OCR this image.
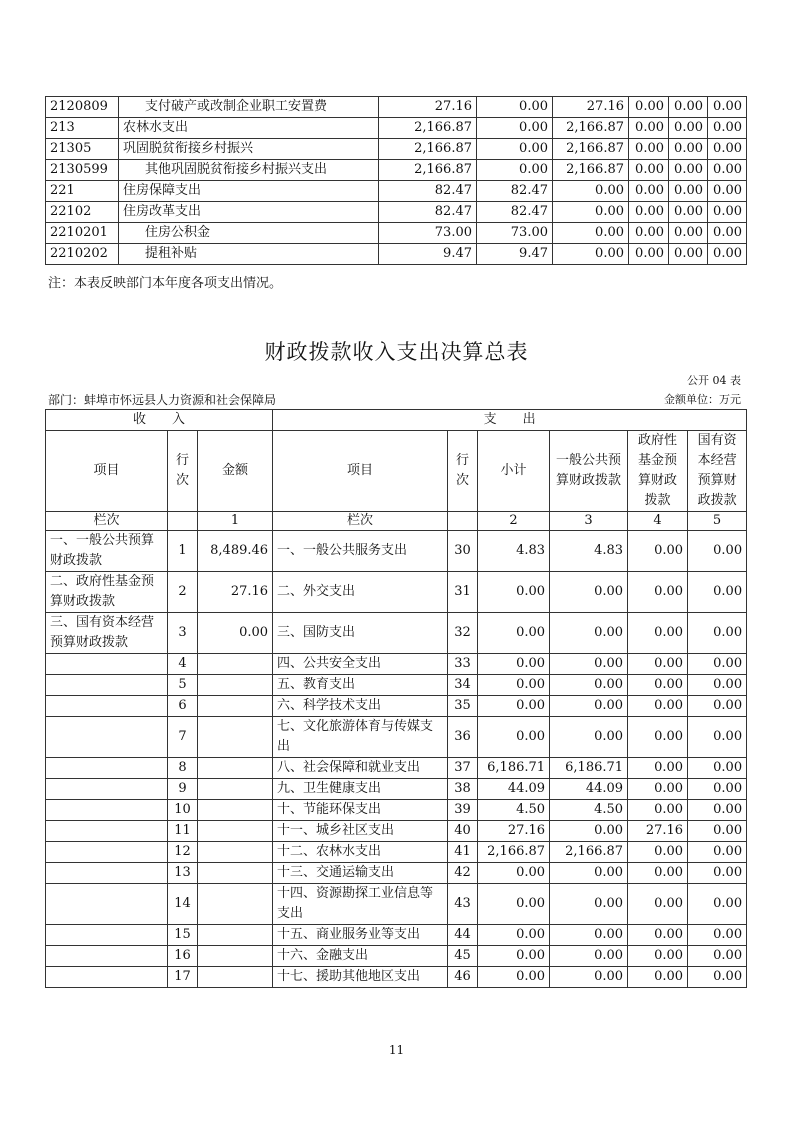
2120809	支付破产或改制企业职工安置费	27.16	0.00	27.16	0.00	0.00	0.00
213	农林水支出	2,166.87	0.00	2,166.87	0.00	0.00	0.00
21305	巩固脱贫衔接乡村振兴	2,166.87	0.00	2,166.87	0.00	0.00	0.00
2130599	其他巩固脱贫衔接乡村振兴支出	2,166.87	0.00	2,166.87	0.00	0.00	0.00
221	住房保障支出	82.47	82.47	0.00	0.00	0.00	0.00
22102	住房改革支出	82.47	82.47	0.00	0.00	0.00	0.00
2210201	住房公积金	73.00	73.00	0.00	0.00	0.00	0.00
2210202	提租补贴	9.47	9.47	0.00	0.00	0.00	0.00
注：本表反映部门本年度各项支出情况。
财政拨款收入支出决算总表
公开 04 表
部门：蚌埠市怀远县人力资源和社会保障局	金额单位：万元
收　　入			支　　出					
项目	行次	金额	项目	行次	小计	一般公共预算财政拨款	政府性基金预算财政拨款	国有资本经营预算财政拨款
栏次		1	栏次		2	3	4	5
一、一般公共预算财政拨款	1	8,489.46	一、一般公共服务支出	30	4.83	4.83	0.00	0.00
二、政府性基金预算财政拨款	2	27.16	二、外交支出	31	0.00	0.00	0.00	0.00
三、国有资本经营预算财政拨款	3	0.00	三、国防支出	32	0.00	0.00	0.00	0.00
	4		四、公共安全支出	33	0.00	0.00	0.00	0.00
	5		五、教育支出	34	0.00	0.00	0.00	0.00
	6		六、科学技术支出	35	0.00	0.00	0.00	0.00
	7		七、文化旅游体育与传媒支出	36	0.00	0.00	0.00	0.00
	8		八、社会保障和就业支出	37	6,186.71	6,186.71	0.00	0.00
	9		九、卫生健康支出	38	44.09	44.09	0.00	0.00
	10		十、节能环保支出	39	4.50	4.50	0.00	0.00
	11		十一、城乡社区支出	40	27.16	0.00	27.16	0.00
	12		十二、农林水支出	41	2,166.87	2,166.87	0.00	0.00
	13		十三、交通运输支出	42	0.00	0.00	0.00	0.00
	14		十四、资源勘探工业信息等支出	43	0.00	0.00	0.00	0.00
	15		十五、商业服务业等支出	44	0.00	0.00	0.00	0.00
	16		十六、金融支出	45	0.00	0.00	0.00	0.00
	17		十七、援助其他地区支出	46	0.00	0.00	0.00	0.00
11
